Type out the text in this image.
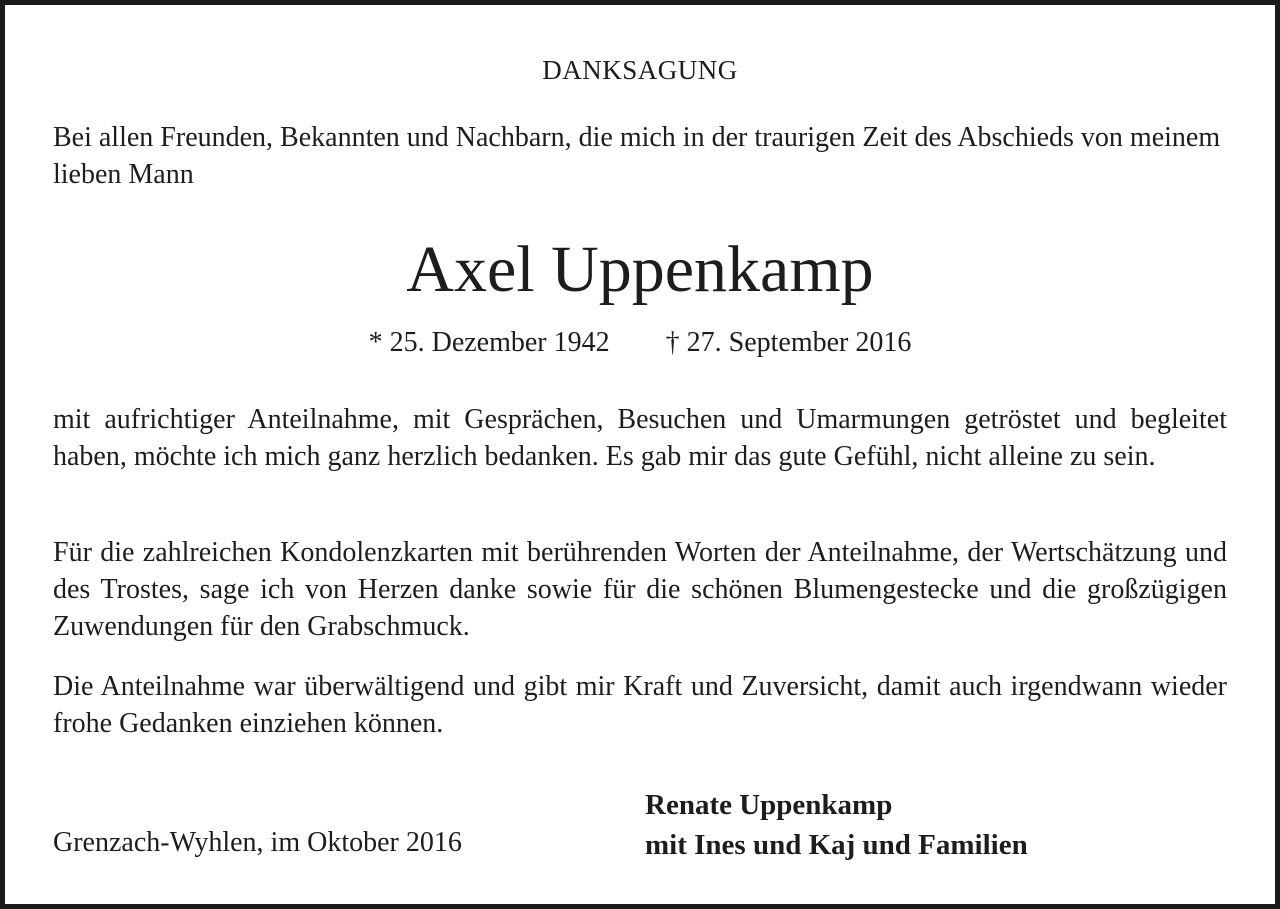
DANKSAGUNG
Bei allen Freunden, Bekannten und Nachbarn, die mich in der traurigen Zeit des Abschieds von meinem lieben Mann
Axel Uppenkamp
* 25. Dezember 1942 † 27. September 2016
mit aufrichtiger Anteilnahme, mit Gesprächen, Besuchen und Umarmungen getröstet und begleitet haben, möchte ich mich ganz herzlich bedanken. Es gab mir das gute Gefühl, nicht alleine zu sein.
Für die zahlreichen Kondolenzkarten mit berührenden Worten der Anteilnahme, der Wertschätzung und des Trostes, sage ich von Herzen danke sowie für die schönen Blumengestecke und die großzügigen Zuwendungen für den Grabschmuck.
Die Anteilnahme war überwältigend und gibt mir Kraft und Zuversicht, damit auch irgendwann wieder frohe Gedanken einziehen können.
Grenzach-Wyhlen, im Oktober 2016
Renate Uppenkamp
mit Ines und Kaj und Familien
